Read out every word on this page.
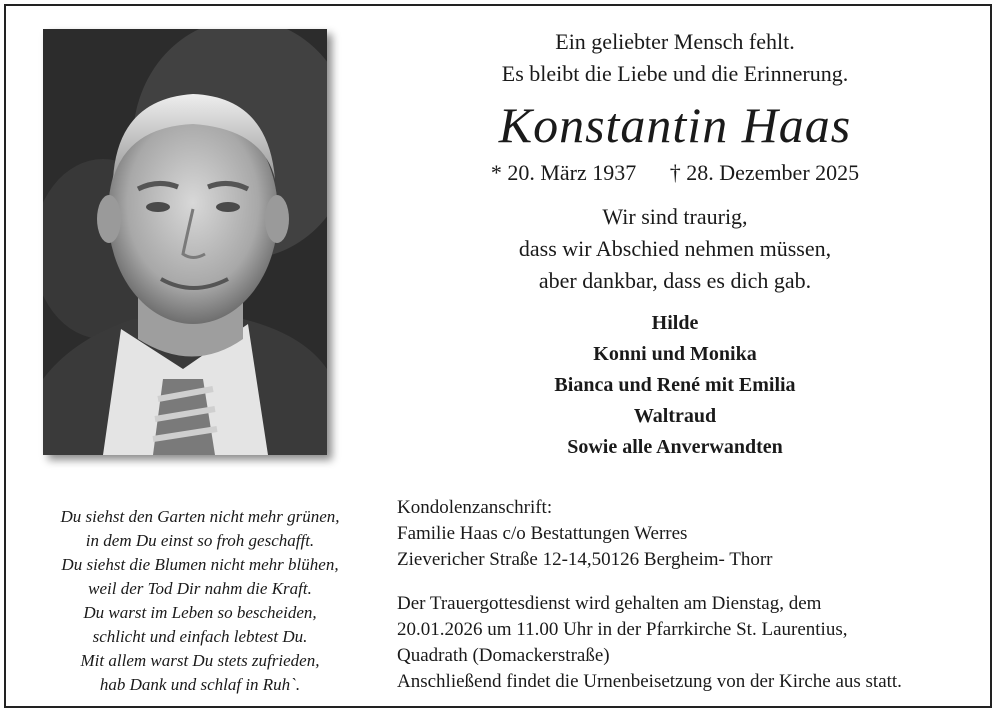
Ein geliebter Mensch fehlt.
Es bleibt die Liebe und die Erinnerung.
Konstantin Haas
* 20. März 1937 † 28. Dezember 2025
Wir sind traurig,
dass wir Abschied nehmen müssen,
aber dankbar, dass es dich gab.
Hilde
Konni und Monika
Bianca und René mit Emilia
Waltraud
Sowie alle Anverwandten
Du siehst den Garten nicht mehr grünen,
in dem Du einst so froh geschafft.
Du siehst die Blumen nicht mehr blühen,
weil der Tod Dir nahm die Kraft.
Du warst im Leben so bescheiden,
schlicht und einfach lebtest Du.
Mit allem warst Du stets zufrieden,
hab Dank und schlaf in Ruh`.
Kondolenzanschrift:
Familie Haas c/o Bestattungen Werres
Zievericher Straße 12-14,50126 Bergheim- Thorr
Der Trauergottesdienst wird gehalten am Dienstag, dem
20.01.2026 um 11.00 Uhr in der Pfarrkirche St. Laurentius,
Quadrath (Domackerstraße)
Anschließend findet die Urnenbeisetzung von der Kirche aus statt.
